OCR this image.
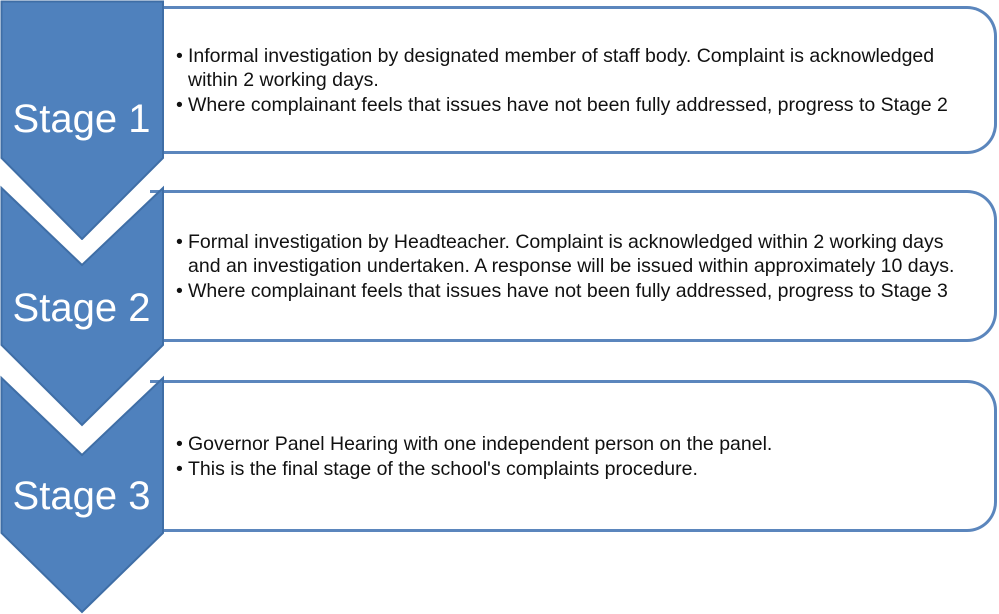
• Informal investigation by designated member of staff body. Complaint is acknowledged within 2 working days.
• Where complainant feels that issues have not been fully addressed, progress to Stage 2
Stage 1
• Formal investigation by Headteacher. Complaint is acknowledged within 2 working days and an investigation undertaken. A response will be issued within approximately 10 days.
• Where complainant feels that issues have not been fully addressed, progress to Stage 3
Stage 2
• Governor Panel Hearing with one independent person on the panel.
• This is the final stage of the school's complaints procedure.
Stage 3
